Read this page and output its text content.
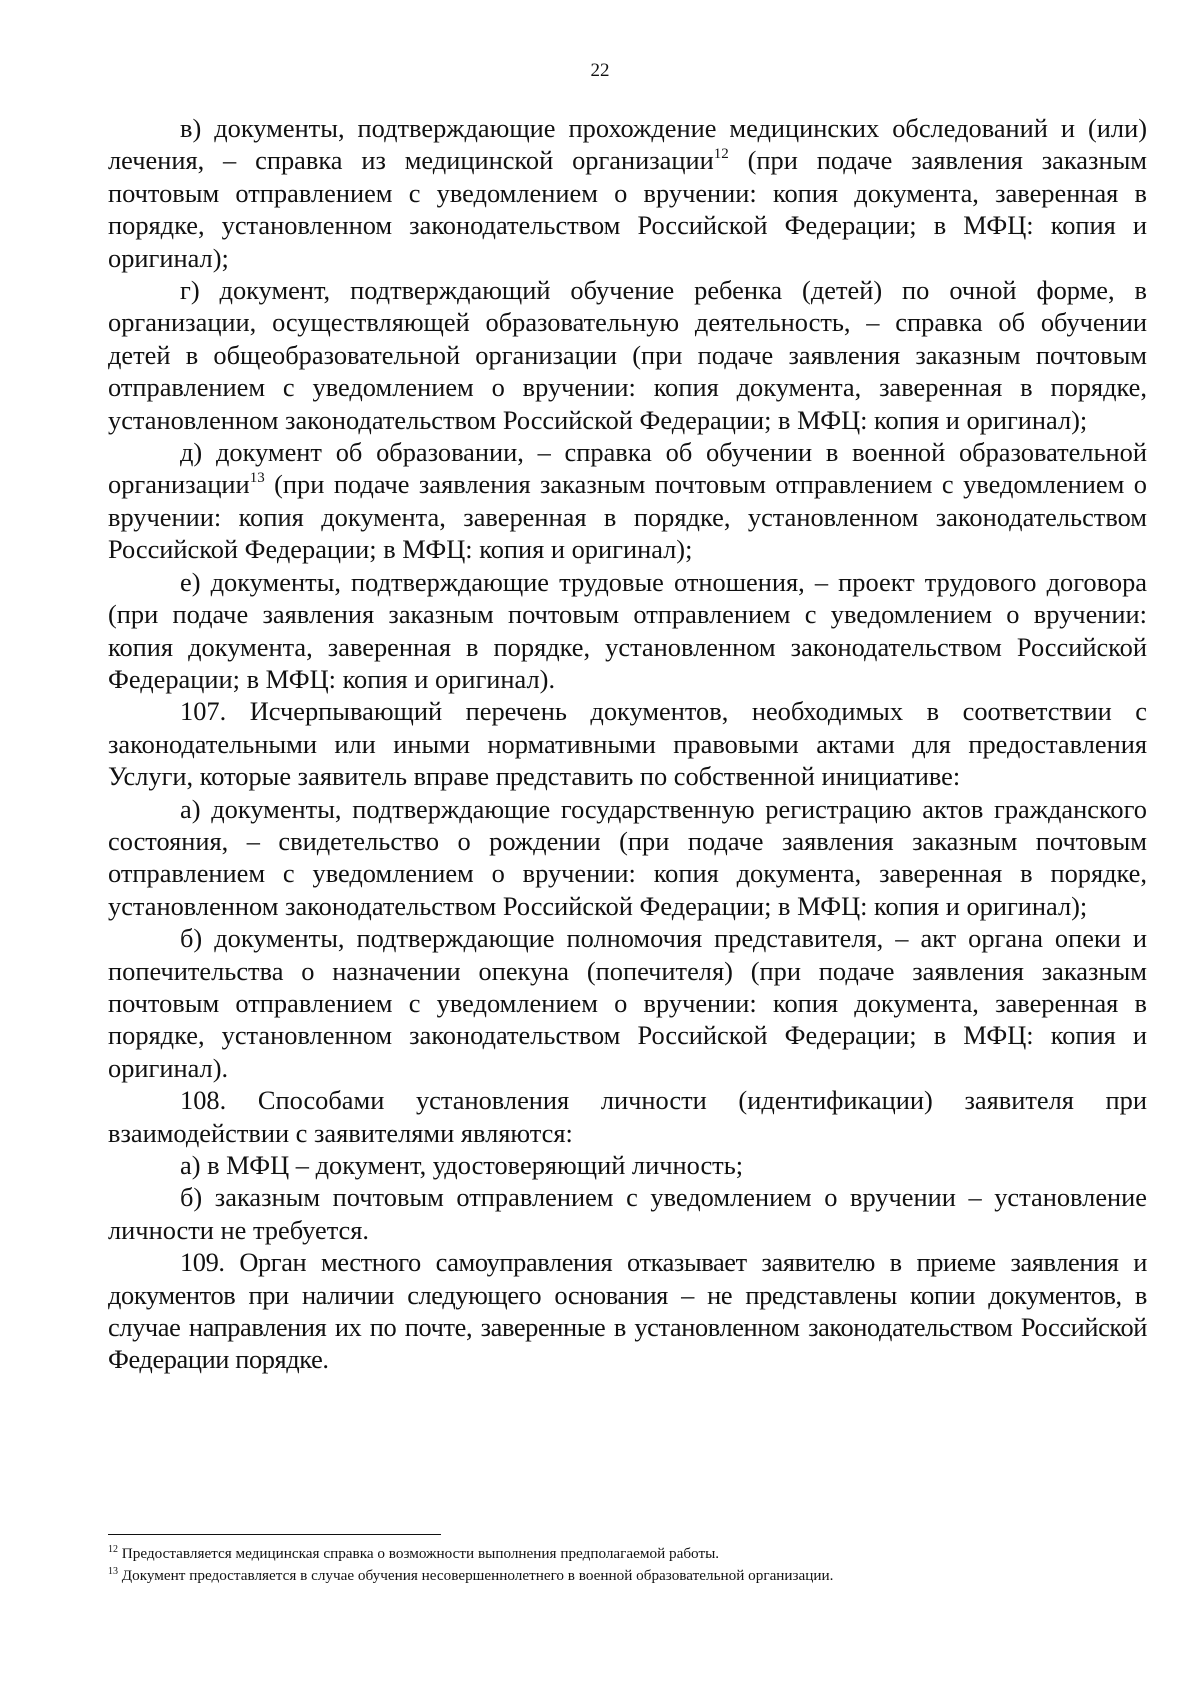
22

в) документы, подтверждающие прохождение медицинских обследований и (или) лечения, – справка из медицинской организации$^{12}$ (при подаче заявления заказным почтовым отправлением с уведомлением о вручении: копия документа, заверенная в порядке, установленном законодательством Российской Федерации; в МФЦ: копия и оригинал);

г) документ, подтверждающий обучение ребенка (детей) по очной форме, в организации, осуществляющей образовательную деятельность, – справка об обучении детей в общеобразовательной организации (при подаче заявления заказным почтовым отправлением с уведомлением о вручении: копия документа, заверенная в порядке, установленном законодательством Российской Федерации; в МФЦ: копия и оригинал);

д) документ об образовании, – справка об обучении в военной образовательной организации$^{13}$ (при подаче заявления заказным почтовым отправлением с уведомлением о вручении: копия документа, заверенная в порядке, установленном законодательством Российской Федерации; в МФЦ: копия и оригинал);

е) документы, подтверждающие трудовые отношения, – проект трудового договора (при подаче заявления заказным почтовым отправлением с уведомлением о вручении: копия документа, заверенная в порядке, установленном законодательством Российской Федерации; в МФЦ: копия и оригинал).

107. Исчерпывающий перечень документов, необходимых в соответствии с законодательными или иными нормативными правовыми актами для предоставления Услуги, которые заявитель вправе представить по собственной инициативе:

а) документы, подтверждающие государственную регистрацию актов гражданского состояния, – свидетельство о рождении (при подаче заявления заказным почтовым отправлением с уведомлением о вручении: копия документа, заверенная в порядке, установленном законодательством Российской Федерации; в МФЦ: копия и оригинал);

б) документы, подтверждающие полномочия представителя, – акт органа опеки и попечительства о назначении опекуна (попечителя) (при подаче заявления заказным почтовым отправлением с уведомлением о вручении: копия документа, заверенная в порядке, установленном законодательством Российской Федерации; в МФЦ: копия и оригинал).

108. Способами установления личности (идентификации) заявителя при взаимодействии с заявителями являются:

а) в МФЦ – документ, удостоверяющий личность;

б) заказным почтовым отправлением с уведомлением о вручении – установление личности не требуется.

109. Орган местного самоуправления отказывает заявителю в приеме заявления и документов при наличии следующего основания – не представлены копии документов, в случае направления их по почте, заверенные в установленном законодательством Российской Федерации порядке.

$^{12}$ Предоставляется медицинская справка о возможности выполнения предполагаемой работы.

$^{13}$ Документ предоставляется в случае обучения несовершеннолетнего в военной образовательной организации.
